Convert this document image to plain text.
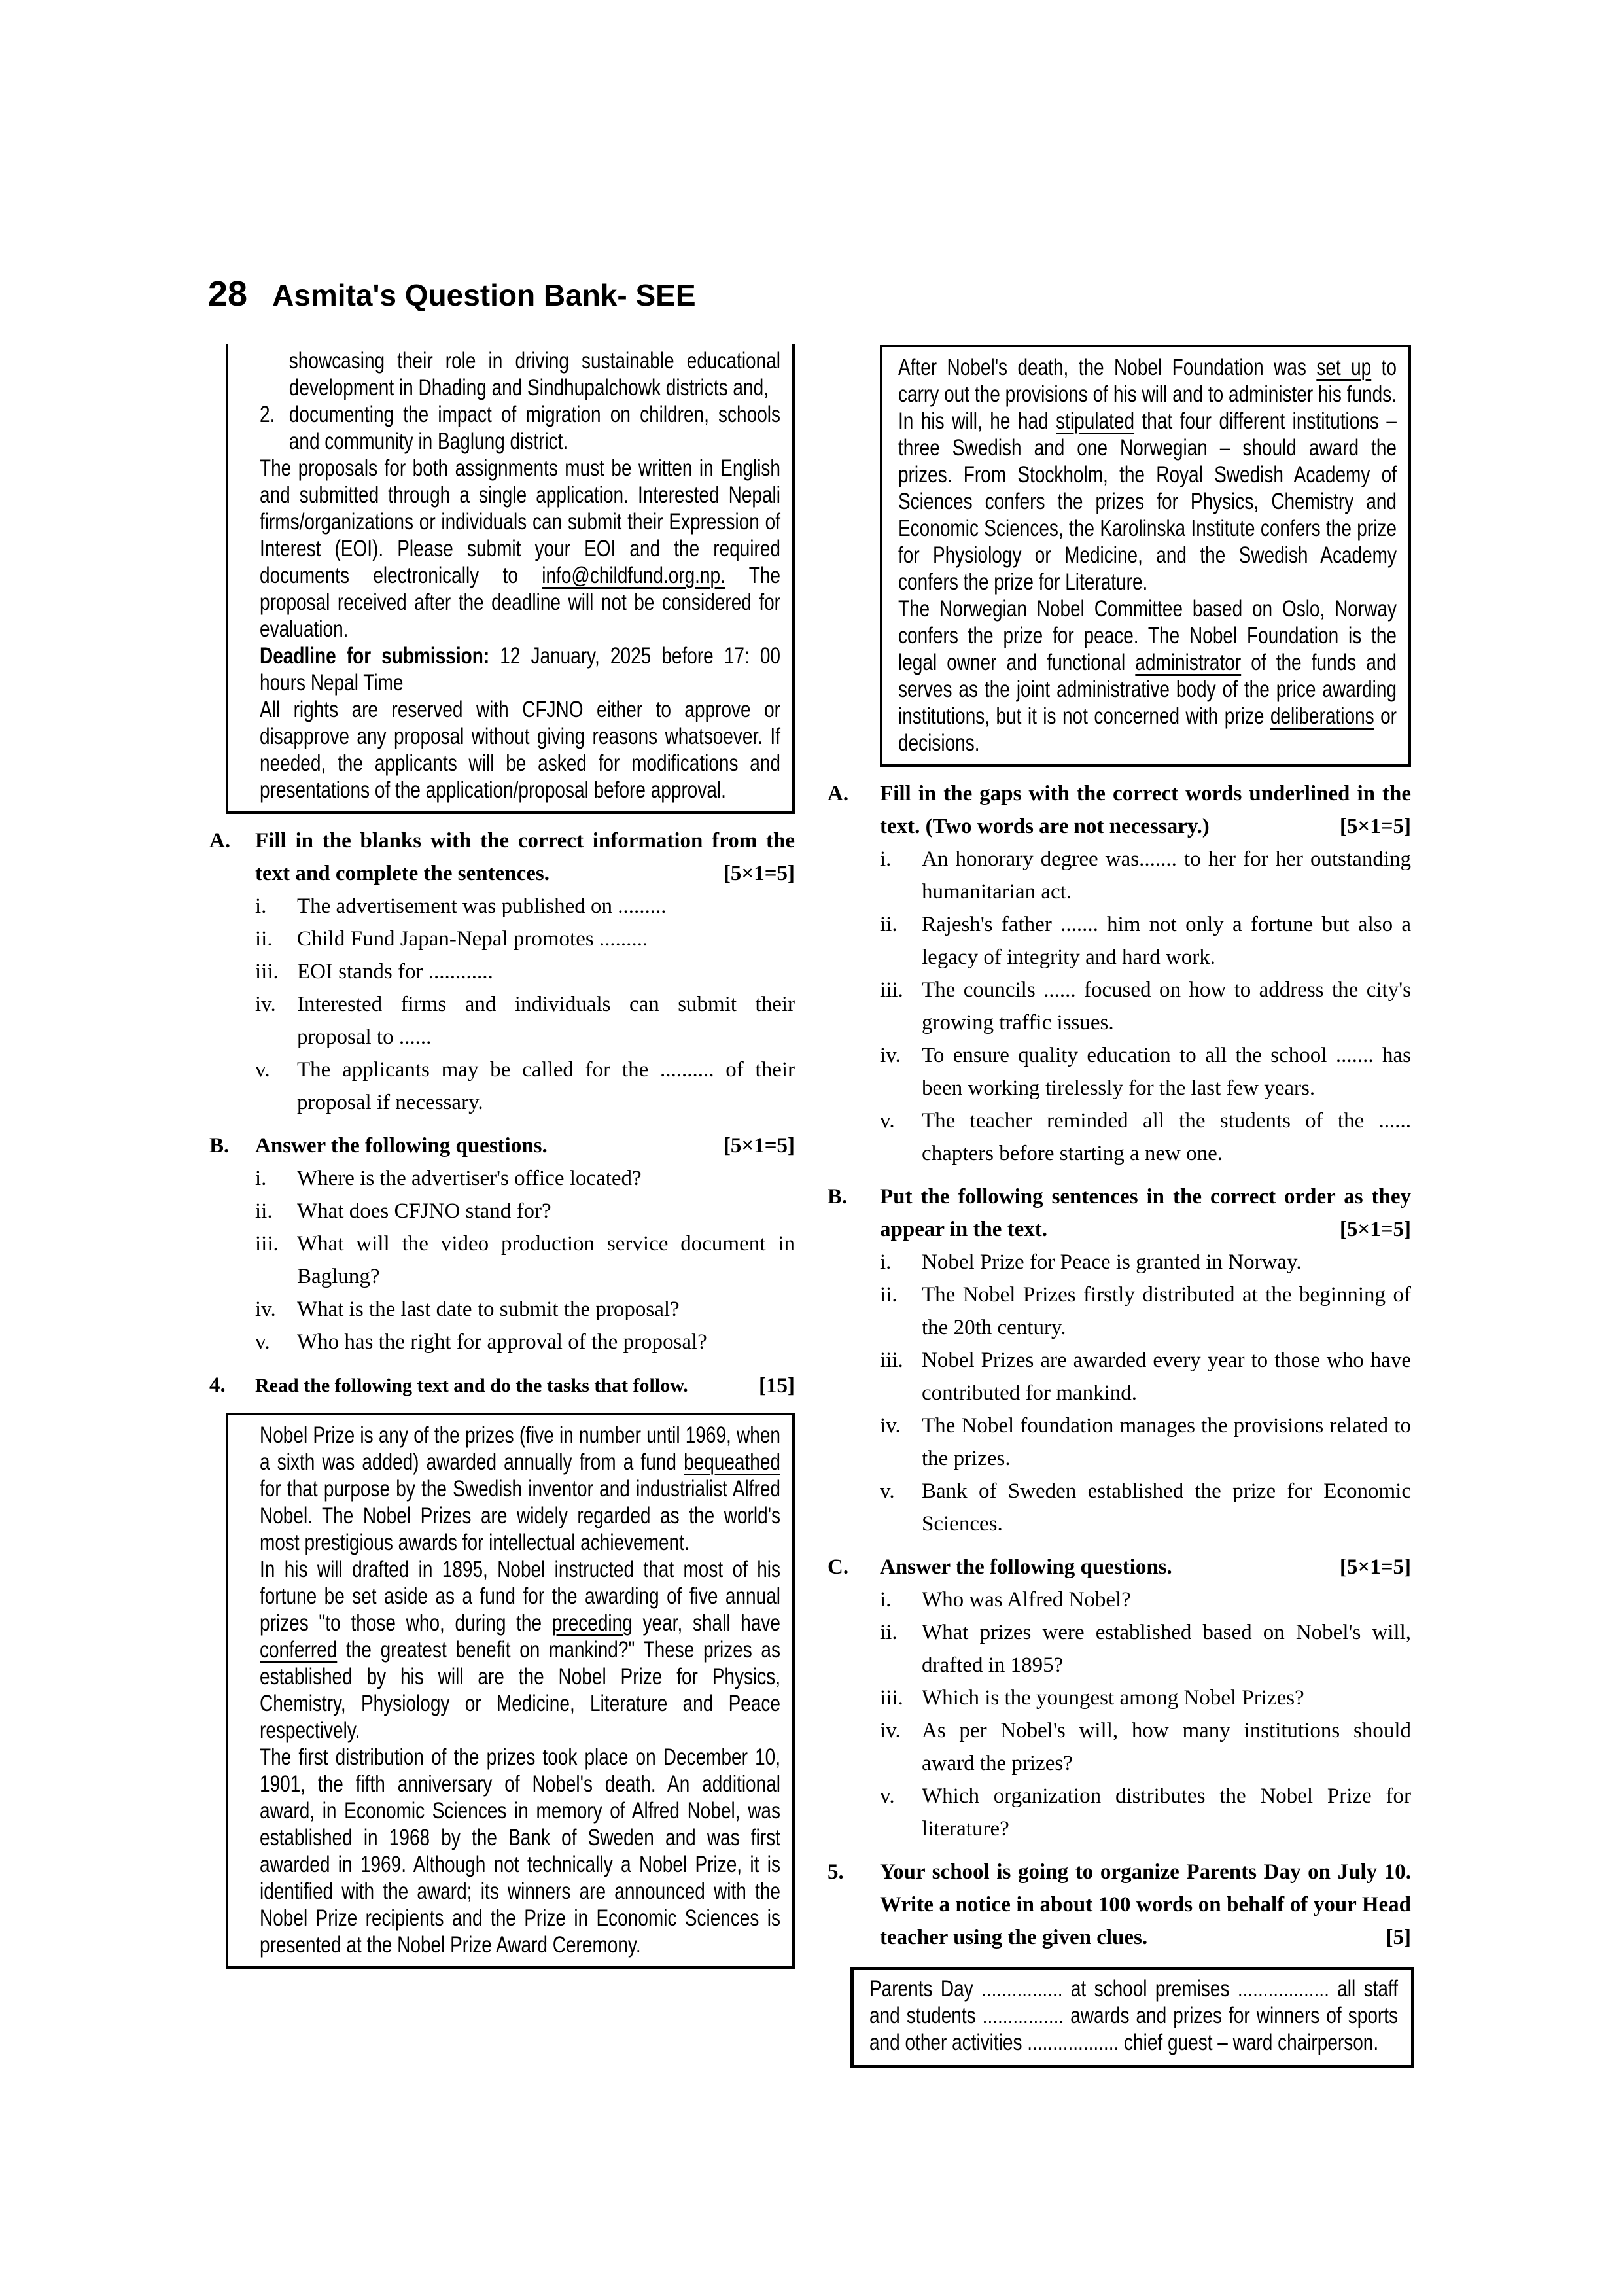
28 Asmita's Question Bank- SEE
showcasing their role in driving sustainable educational development in Dhading and Sindhupalchowk districts and,
2. documenting the impact of migration on children, schools and community in Baglung district.

The proposals for both assignments must be written in English and submitted through a single application. Interested Nepali firms/organizations or individuals can submit their Expression of Interest (EOI). Please submit your EOI and the required documents electronically to info@childfund.org.np. The proposal received after the deadline will not be considered for evaluation.

Deadline for submission: 12 January, 2025 before 17: 00 hours Nepal Time

All rights are reserved with CFJNO either to approve or disapprove any proposal without giving reasons whatsoever. If needed, the applicants will be asked for modifications and presentations of the application/proposal before approval.

A.	Fill in the blanks with the correct information from the text and complete the sentences.	[5×1=5]
i.	The advertisement was published on .........
ii.	Child Fund Japan-Nepal promotes .........
iii. EOI stands for ............
iv. Interested firms and individuals can submit their proposal to ......
v.	The applicants may be called for the .......... of their proposal if necessary.
B.	Answer the following questions.	[5×1=5]
i.	Where is the advertiser's office located?
ii.	What does CFJNO stand for?
iii. What will the video production service document in Baglung?
iv. What is the last date to submit the proposal?
v.	Who has the right for approval of the proposal?
4.	Read the following text and do the tasks that follow.	[15]

Nobel Prize is any of the prizes (five in number until 1969, when a sixth was added) awarded annually from a fund bequeathed for that purpose by the Swedish inventor and industrialist Alfred Nobel. The Nobel Prizes are widely regarded as the world's most prestigious awards for intellectual achievement.

In his will drafted in 1895, Nobel instructed that most of his fortune be set aside as a fund for the awarding of five annual prizes "to those who, during the preceding year, shall have conferred the greatest benefit on mankind?" These prizes as established by his will are the Nobel Prize for Physics, Chemistry, Physiology or Medicine, Literature and Peace respectively.

The first distribution of the prizes took place on December 10, 1901, the fifth anniversary of Nobel's death. An additional award, in Economic Sciences in memory of Alfred Nobel, was established in 1968 by the Bank of Sweden and was first awarded in 1969. Although not technically a Nobel Prize, it is identified with the award; its winners are announced with the Nobel Prize recipients and the Prize in Economic Sciences is presented at the Nobel Prize Award Ceremony.

After Nobel's death, the Nobel Foundation was set up to carry out the provisions of his will and to administer his funds. In his will, he had stipulated that four different institutions – three Swedish and one Norwegian – should award the prizes. From Stockholm, the Royal Swedish Academy of Sciences confers the prizes for Physics, Chemistry and Economic Sciences, the Karolinska Institute confers the prize for Physiology or Medicine, and the Swedish Academy confers the prize for Literature.

The Norwegian Nobel Committee based on Oslo, Norway confers the prize for peace. The Nobel Foundation is the legal owner and functional administrator of the funds and serves as the joint administrative body of the price awarding institutions, but it is not concerned with prize deliberations or decisions.

A.	Fill in the gaps with the correct words underlined in the text. (Two words are not necessary.)	[5×1=5]
i.	An honorary degree was....... to her for her outstanding humanitarian act.
ii.	Rajesh's father ....... him not only a fortune but also a legacy of integrity and hard work.
iii. The councils ...... focused on how to address the city's growing traffic issues.
iv. To ensure quality education to all the school ....... has been working tirelessly for the last few years.
v.	The teacher reminded all the students of the ...... chapters before starting a new one.
B.	Put the following sentences in the correct order as they appear in the text.	[5×1=5]
i.	Nobel Prize for Peace is granted in Norway.
ii.	The Nobel Prizes firstly distributed at the beginning of the 20th century.
iii. Nobel Prizes are awarded every year to those who have contributed for mankind.
iv. The Nobel foundation manages the provisions related to the prizes.
v.	Bank of Sweden established the prize for Economic Sciences.
C.	Answer the following questions.	[5×1=5]
i.	Who was Alfred Nobel?
ii.	What prizes were established based on Nobel's will, drafted in 1895?
iii. Which is the youngest among Nobel Prizes?
iv. As per Nobel's will, how many institutions should award the prizes?
v.	Which organization distributes the Nobel Prize for literature?
5.	Your school is going to organize Parents Day on July 10. Write a notice in about 100 words on behalf of your Head teacher using the given clues.	[5]

Parents Day ................ at school premises .................. all staff and students ................ awards and prizes for winners of sports and other activities .................. chief guest – ward chairperson.
